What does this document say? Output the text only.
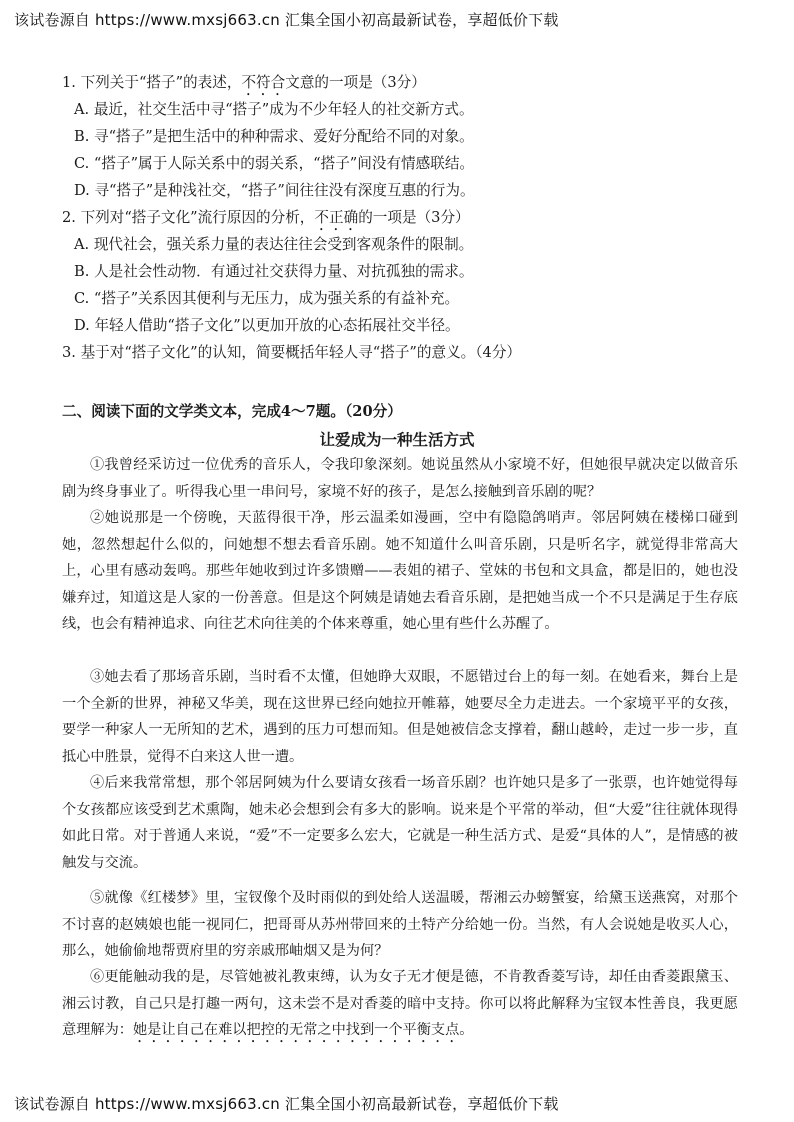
该试卷源自 https://www.mxsj663.cn 汇集全国小初高最新试卷，享超低价下载
1. 下列关于“搭子”的表述，不符合文意的一项是（3分）
A. 最近，社交生活中寻“搭子”成为不少年轻人的社交新方式。
B. 寻“搭子”是把生活中的种种需求、爱好分配给不同的对象。
C. “搭子”属于人际关系中的弱关系，“搭子”间没有情感联结。
D. 寻“搭子”是种浅社交，“搭子”间往往没有深度互惠的行为。
2. 下列对“搭子文化”流行原因的分析，不正确的一项是（3分）
A. 现代社会，强关系力量的表达往往会受到客观条件的限制。
B. 人是社会性动物．有通过社交获得力量、对抗孤独的需求。
C. “搭子”关系因其便利与无压力，成为强关系的有益补充。
D. 年轻人借助“搭子文化”以更加开放的心态拓展社交半径。
3. 基于对“搭子文化”的认知，简要概括年轻人寻“搭子”的意义。（4分）
二、阅读下面的文学类文本，完成4～7题。（20分）
让爱成为一种生活方式

①我曾经采访过一位优秀的音乐人，令我印象深刻。她说虽然从小家境不好，但她很早就决定以做音乐剧为终身事业了。听得我心里一串问号，家境不好的孩子，是怎么接触到音乐剧的呢？

②她说那是一个傍晚，天蓝得很干净，彤云温柔如漫画，空中有隐隐鸽哨声。邻居阿姨在楼梯口碰到她，忽然想起什么似的，问她想不想去看音乐剧。她不知道什么叫音乐剧，只是听名字，就觉得非常高大上，心里有感动轰鸣。那些年她收到过许多馈赠——表姐的裙子、堂妹的书包和文具盒，都是旧的，她也没嫌弃过，知道这是人家的一份善意。但是这个阿姨是请她去看音乐剧，是把她当成一个不只是满足于生存底线，也会有精神追求、向往艺术向往美的个体来尊重，她心里有些什么苏醒了。

③她去看了那场音乐剧，当时看不太懂，但她睁大双眼，不愿错过台上的每一刻。在她看来，舞台上是一个全新的世界，神秘又华美，现在这世界已经向她拉开帷幕，她要尽全力走进去。一个家境平平的女孩，要学一种家人一无所知的艺术，遇到的压力可想而知。但是她被信念支撑着，翻山越岭，走过一步一步，直抵心中胜景，觉得不白来这人世一遭。

④后来我常常想，那个邻居阿姨为什么要请女孩看一场音乐剧？也许她只是多了一张票，也许她觉得每个女孩都应该受到艺术熏陶，她未必会想到会有多大的影响。说来是个平常的举动，但“大爱”往往就体现得如此日常。对于普通人来说，“爱”不一定要多么宏大，它就是一种生活方式、是爱“具体的人”，是情感的被触发与交流。

⑤就像《红楼梦》里，宝钗像个及时雨似的到处给人送温暖，帮湘云办螃蟹宴，给黛玉送燕窝，对那个不讨喜的赵姨娘也能一视同仁，把哥哥从苏州带回来的土特产分给她一份。当然，有人会说她是收买人心，那么，她偷偷地帮贾府里的穷亲戚邢岫烟又是为何？

⑥更能触动我的是，尽管她被礼教束缚，认为女子无才便是德，不肯教香菱写诗，却任由香菱跟黛玉、湘云讨教，自己只是打趣一两句，这未尝不是对香菱的暗中支持。你可以将此解释为宝钗本性善良，我更愿意理解为：她是让自己在难以把控的无常之中找到一个平衡支点。

该试卷源自 https://www.mxsj663.cn 汇集全国小初高最新试卷，享超低价下载
